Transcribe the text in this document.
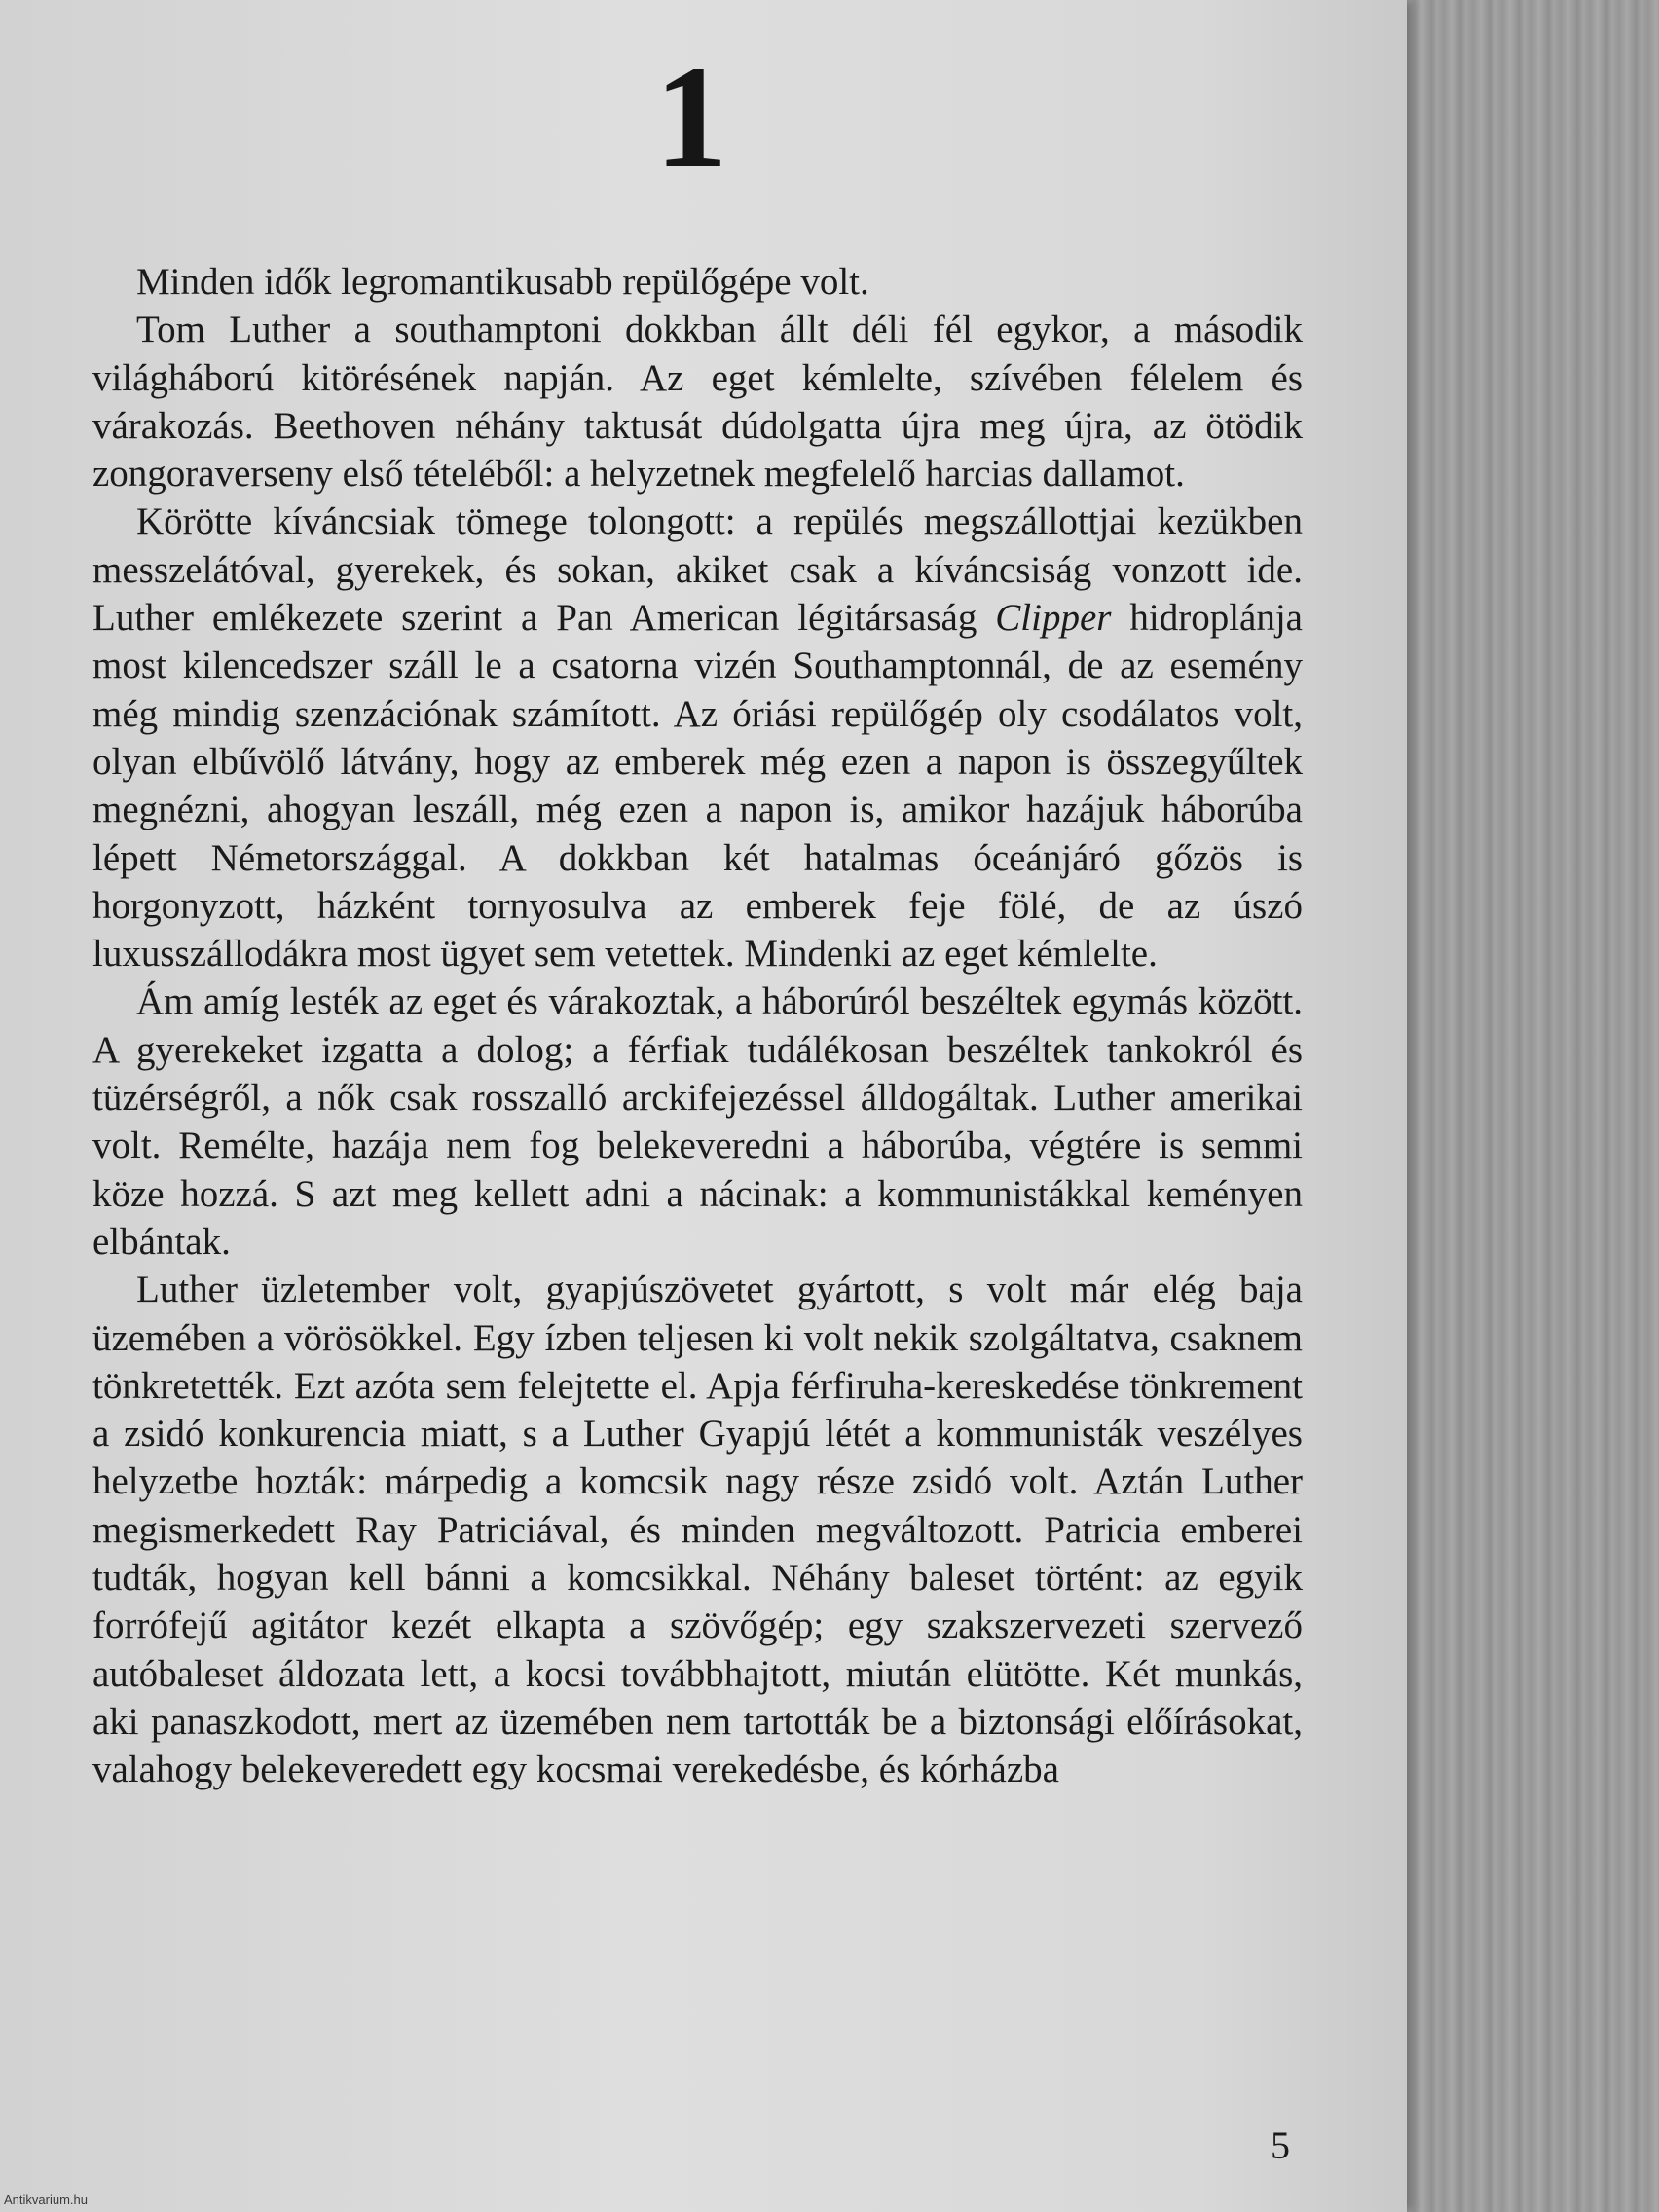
1

Minden idők legromantikusabb repülőgépe volt.

Tom Luther a southamptoni dokkban állt déli fél egykor, a második világháború kitörésének napján. Az eget kémlelte, szívében félelem és várakozás. Beethoven néhány taktusát dúdolgatta újra meg újra, az ötödik zongoraverseny első tételéből: a helyzetnek megfelelő harcias dallamot.

Körötte kíváncsiak tömege tolongott: a repülés megszállottjai kezükben messzelátóval, gyerekek, és sokan, akiket csak a kíváncsiság vonzott ide. Luther emlékezete szerint a Pan American légitársaság Clipper hidroplánja most kilencedszer száll le a csatorna vizén Southamptonnál, de az esemény még mindig szenzációnak számított. Az óriási repülőgép oly csodálatos volt, olyan elbűvölő látvány, hogy az emberek még ezen a napon is összegyűltek megnézni, ahogyan leszáll, még ezen a napon is, amikor hazájuk háborúba lépett Németországgal. A dokkban két hatalmas óceánjáró gőzös is horgonyzott, házként tornyosulva az emberek feje fölé, de az úszó luxusszállodákra most ügyet sem vetettek. Mindenki az eget kémlelte.

Ám amíg lesték az eget és várakoztak, a háborúról beszéltek egymás között. A gyerekeket izgatta a dolog; a férfiak tudálékosan beszéltek tankokról és tüzérségről, a nők csak rosszalló arckifejezéssel álldogáltak. Luther amerikai volt. Remélte, hazája nem fog belekeveredni a háborúba, végtére is semmi köze hozzá. S azt meg kellett adni a nácinak: a kommunistákkal keményen elbántak.

Luther üzletember volt, gyapjúszövetet gyártott, s volt már elég baja üzemében a vörösökkel. Egy ízben teljesen ki volt nekik szolgáltatva, csaknem tönkretették. Ezt azóta sem felejtette el. Apja férfiruha-kereskedése tönkrement a zsidó konkurencia miatt, s a Luther Gyapjú létét a kommunisták veszélyes helyzetbe hozták: márpedig a komcsik nagy része zsidó volt. Aztán Luther megismerkedett Ray Patriciával, és minden megváltozott. Patricia emberei tudták, hogyan kell bánni a komcsikkal. Néhány baleset történt: az egyik forrófejű agitátor kezét elkapta a szövőgép; egy szakszervezeti szervező autóbaleset áldozata lett, a kocsi továbbhajtott, miután elütötte. Két munkás, aki panaszkodott, mert az üzemében nem tartották be a biztonsági előírásokat, valahogy belekeveredett egy kocsmai verekedésbe, és kórházba

5
Antikvarium.hu
